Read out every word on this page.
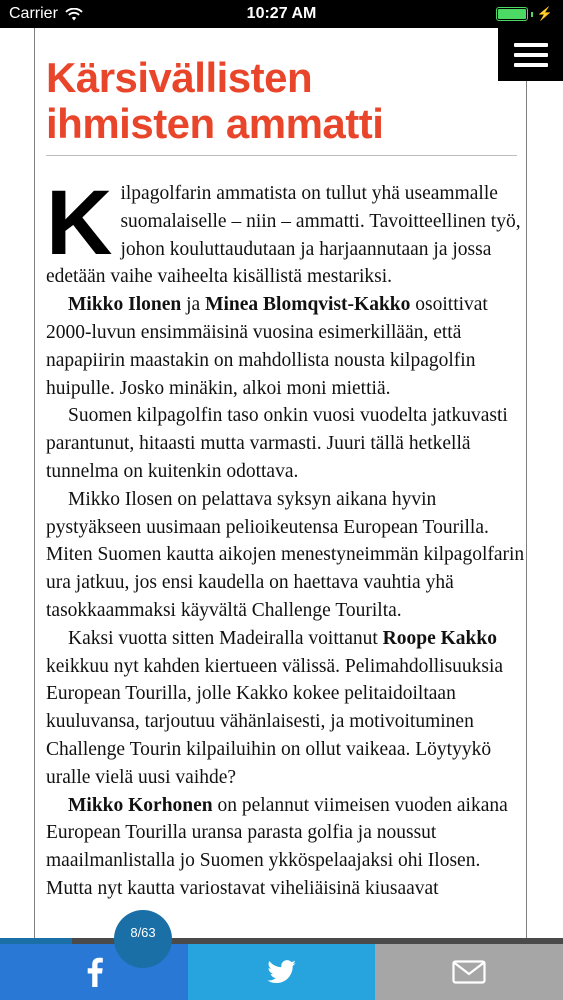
Carrier	10:27 AM	⚡
Kärsivällisten
ihmisten ammatti

Kilpagolfarin ammatista on tullut yhä useammalle suomalaiselle – niin – ammatti. Tavoitteellinen työ, johon kouluttaudutaan ja harjaannutaan ja jossa edetään vaihe vaiheelta kisällistä mestariksi.

Mikko Ilonen ja Minea Blomqvist-Kakko osoittivat 2000-luvun ensimmäisinä vuosina esimerkillään, että napapiirin maastakin on mahdollista nousta kilpagolfin huipulle. Josko minäkin, alkoi moni miettiä.

Suomen kilpagolfin taso onkin vuosi vuodelta jatkuvasti parantunut, hitaasti mutta varmasti. Juuri tällä hetkellä tunnelma on kuitenkin odottava.

Mikko Ilosen on pelattava syksyn aikana hyvin pystyäkseen uusimaan pelioikeutensa European Tourilla. Miten Suomen kautta aikojen menestyneimmän kilpagolfarin ura jatkuu, jos ensi kaudella on haettava vauhtia yhä tasokkaammaksi käyvältä Challenge Tourilta.

Kaksi vuotta sitten Madeiralla voittanut Roope Kakko keikkuu nyt kahden kiertueen välissä. Pelimahdollisuuksia European Tourilla, jolle Kakko kokee pelitaidoiltaan kuuluvansa, tarjoutuu vähänlaisesti, ja motivoituminen Challenge Tourin kilpailuihin on ollut vaikeaa. Löytyykö uralle vielä uusi vaihde?

Mikko Korhonen on pelannut viimeisen vuoden aikana European Tourilla uransa parasta golfia ja noussut maailmanlistalla jo Suomen ykköspelaajaksi ohi Ilosen. Mutta nyt kautta variostavat viheliäisinä kiusaavat

8/63
